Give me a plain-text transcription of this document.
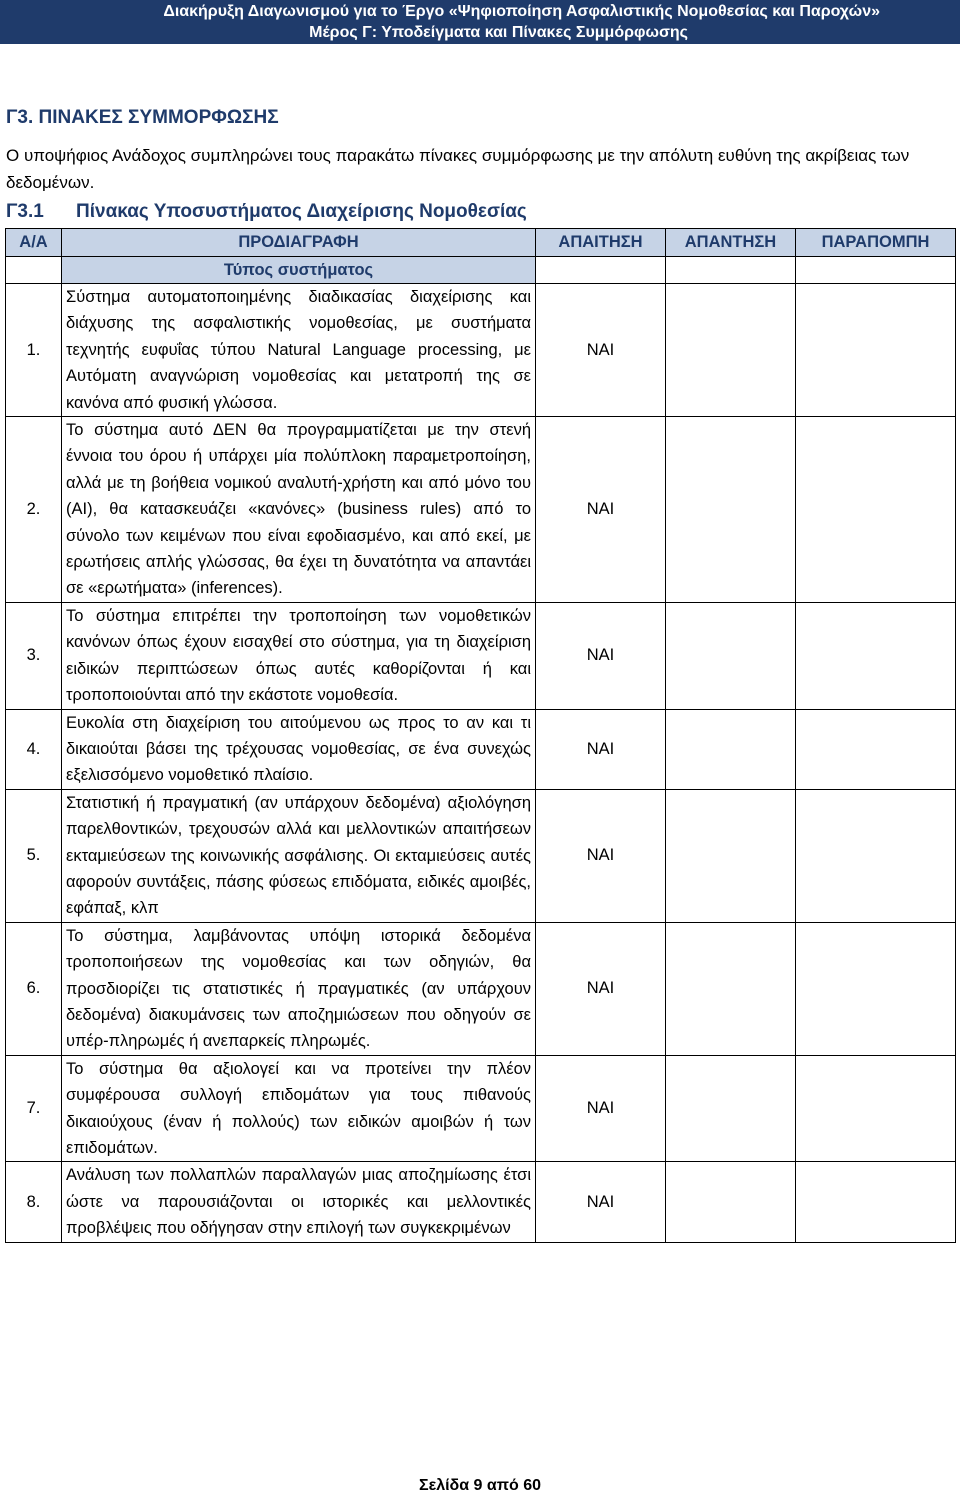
Διακήρυξη Διαγωνισμού για το Έργο «Ψηφιοποίηση Ασφαλιστικής Νομοθεσίας και Παροχών»
Μέρος Γ: Υποδείγματα και Πίνακες Συμμόρφωσης
Γ3. ΠΙΝΑΚΕΣ ΣΥΜΜΟΡΦΩΣΗΣ
Ο υποψήφιος Ανάδοχος συμπληρώνει τους παρακάτω πίνακες συμμόρφωσης με την απόλυτη ευθύνη της ακρίβειας των δεδομένων.
Γ3.1 Πίνακας Υποσυστήματος Διαχείρισης Νομοθεσίας
Α/Α	ΠΡΟΔΙΑΓΡΑΦΗ	ΑΠΑΙΤΗΣΗ	ΑΠΑΝΤΗΣΗ	ΠΑΡΑΠΟΜΠΗ
	Τύπος συστήματος			
1.	Σύστημα αυτοματοποιημένης διαδικασίας διαχείρισης και διάχυσης της ασφαλιστικής νομοθεσίας, με συστήματα τεχνητής ευφυΐας τύπου Natural Language processing, με Αυτόματη αναγνώριση νομοθεσίας και μετατροπή της σε κανόνα από φυσική γλώσσα.	ΝΑΙ		
2.	Το σύστημα αυτό ΔΕΝ θα προγραμματίζεται με την στενή έννοια του όρου ή υπάρχει μία πολύπλοκη παραμετροποίηση, αλλά με τη βοήθεια νομικού αναλυτή-χρήστη και από μόνο του (AI), θα κατασκευάζει «κανόνες» (business rules) από το σύνολο των κειμένων που είναι εφοδιασμένο, και από εκεί, με ερωτήσεις απλής γλώσσας, θα έχει τη δυνατότητα να απαντάει σε «ερωτήματα» (inferences).	ΝΑΙ		
3.	Το σύστημα επιτρέπει την τροποποίηση των νομοθετικών κανόνων όπως έχουν εισαχθεί στο σύστημα, για τη διαχείριση ειδικών περιπτώσεων όπως αυτές καθορίζονται ή και τροποποιούνται από την εκάστοτε νομοθεσία.	ΝΑΙ		
4.	Ευκολία στη διαχείριση του αιτούμενου ως προς το αν και τι δικαιούται βάσει της τρέχουσας νομοθεσίας, σε ένα συνεχώς εξελισσόμενο νομοθετικό πλαίσιο.	ΝΑΙ		
5.	Στατιστική ή πραγματική (αν υπάρχουν δεδομένα) αξιολόγηση παρελθοντικών, τρεχουσών αλλά και μελλοντικών απαιτήσεων εκταμιεύσεων της κοινωνικής ασφάλισης. Οι εκταμιεύσεις αυτές αφορούν συντάξεις, πάσης φύσεως επιδόματα, ειδικές αμοιβές, εφάπαξ, κλπ	ΝΑΙ		
6.	Το σύστημα, λαμβάνοντας υπόψη ιστορικά δεδομένα τροποποιήσεων της νομοθεσίας και των οδηγιών, θα προσδιορίζει τις στατιστικές ή πραγματικές (αν υπάρχουν δεδομένα) διακυμάνσεις των αποζημιώσεων που οδηγούν σε υπέρ-πληρωμές ή ανεπαρκείς πληρωμές.	ΝΑΙ		
7.	Το σύστημα θα αξιολογεί και να προτείνει την πλέον συμφέρουσα συλλογή επιδομάτων για τους πιθανούς δικαιούχους (έναν ή πολλούς) των ειδικών αμοιβών ή των επιδομάτων.	ΝΑΙ		
8.	Ανάλυση των πολλαπλών παραλλαγών μιας αποζημίωσης έτσι ώστε να παρουσιάζονται οι ιστορικές και μελλοντικές προβλέψεις που οδήγησαν στην επιλογή των συγκεκριμένων	ΝΑΙ		
Σελίδα 9 από 60
